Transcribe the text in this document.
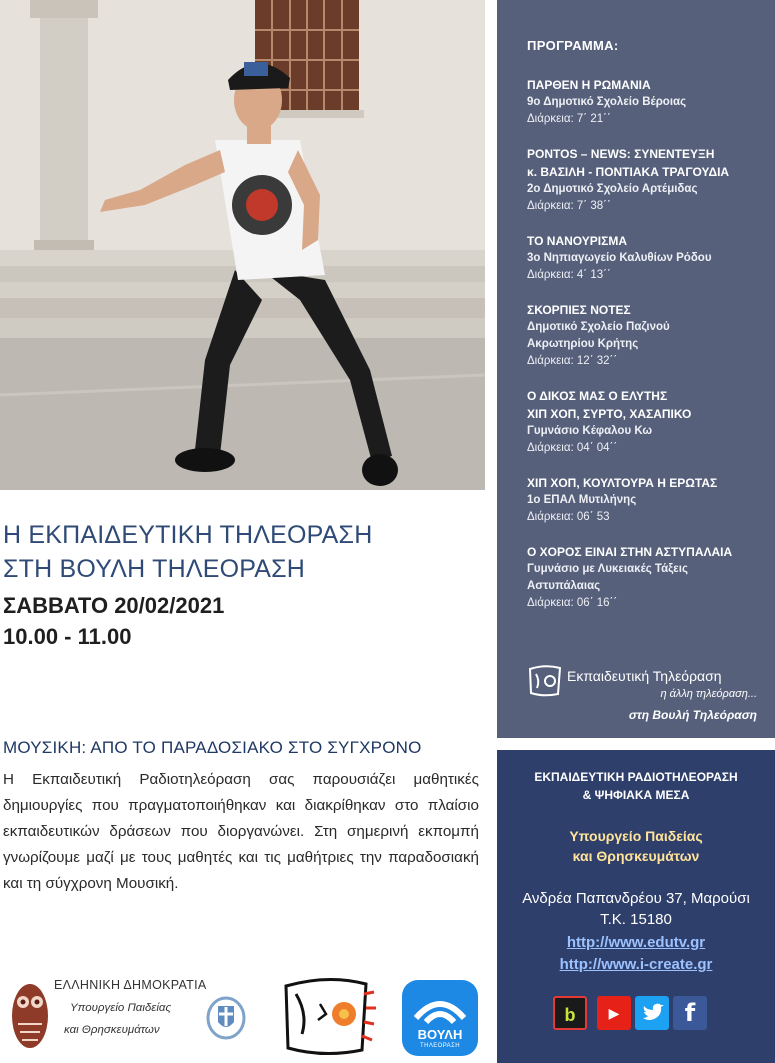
Η ΕΚΠΑΙΔΕΥΤΙΚΗ ΤΗΛΕΟΡΑΣΗ
ΣΤΗ ΒΟΥΛΗ ΤΗΛΕΟΡΑΣΗ
ΣΑΒΒΑΤΟ 20/02/2021
10.00 - 11.00
ΜΟΥΣΙΚΗ: ΑΠΟ ΤΟ ΠΑΡΑΔΟΣΙΑΚΟ ΣΤΟ ΣΥΓΧΡΟΝΟ
Η Εκπαιδευτική Ραδιοτηλεόραση σας παρουσιάζει μαθητικές δημιουργίες που πραγματοποιήθηκαν και διακρίθηκαν στο πλαίσιο εκπαιδευτικών δράσεων που διοργανώνει. Στη σημερινή εκπομπή γνωρίζουμε μαζί με τους μαθητές και τις μαθήτριες την παραδοσιακή και τη σύγχρονη Μουσική.
ΕΛΛΗΝΙΚΗ ΔΗΜΟΚΡΑΤΙΑ
Υπουργείο Παιδείας
και Θρησκευμάτων	ΒΟΥΛΗ
ΤΗΛΕΟΡΑΣΗ
ΠΡΟΓΡΑΜΜΑ:
ΠΑΡΘΕΝ Η ΡΩΜΑΝΙΑ
9ο Δημοτικό Σχολείο Βέροιας
Διάρκεια: 7΄ 21΄΄
PONTOS – NEWS: ΣΥΝΕΝΤΕΥΞΗ
κ. ΒΑΣΙΛΗ - ΠΟΝΤΙΑΚΑ ΤΡΑΓΟΥΔΙΑ
2ο Δημοτικό Σχολείο Αρτέμιδας
Διάρκεια: 7΄ 38΄΄
ΤΟ ΝΑΝΟΥΡΙΣΜΑ
3ο Νηπιαγωγείο Καλυθίων Ρόδου
Διάρκεια: 4΄ 13΄΄
ΣΚΟΡΠΙΕΣ ΝΟΤΕΣ
Δημοτικό Σχολείο Παζινού
Ακρωτηρίου Κρήτης
Διάρκεια: 12΄ 32΄΄
Ο ΔΙΚΟΣ ΜΑΣ Ο ΕΛΥΤΗΣ
ΧΙΠ ΧΟΠ, ΣΥΡΤΟ, ΧΑΣΑΠΙΚΟ
Γυμνάσιο Κέφαλου Κω
Διάρκεια: 04΄ 04΄΄
ΧΙΠ ΧΟΠ, ΚΟΥΛΤΟΥΡΑ Η ΕΡΩΤΑΣ
1ο ΕΠΑΛ Μυτιλήνης
Διάρκεια: 06΄ 53
Ο ΧΟΡΟΣ ΕΙΝΑΙ ΣΤΗΝ ΑΣΤΥΠΑΛΑΙΑ
Γυμνάσιο με Λυκειακές Τάξεις
Αστυπάλαιας
Διάρκεια: 06΄ 16΄΄
Εκπαιδευτική Τηλεόραση
η άλλη τηλεόραση...
στη Βουλή Τηλεόραση
ΕΚΠΑΙΔΕΥΤΙΚΗ ΡΑΔΙΟΤΗΛΕΟΡΑΣΗ
& ΨΗΦΙΑΚΑ ΜΕΣΑ
Υπουργείο Παιδείας
και Θρησκευμάτων
Ανδρέα Παπανδρέου 37, Μαρούσι
Τ.Κ. 15180
http://www.edutv.gr
http://www.i-create.gr
b	▶	f
